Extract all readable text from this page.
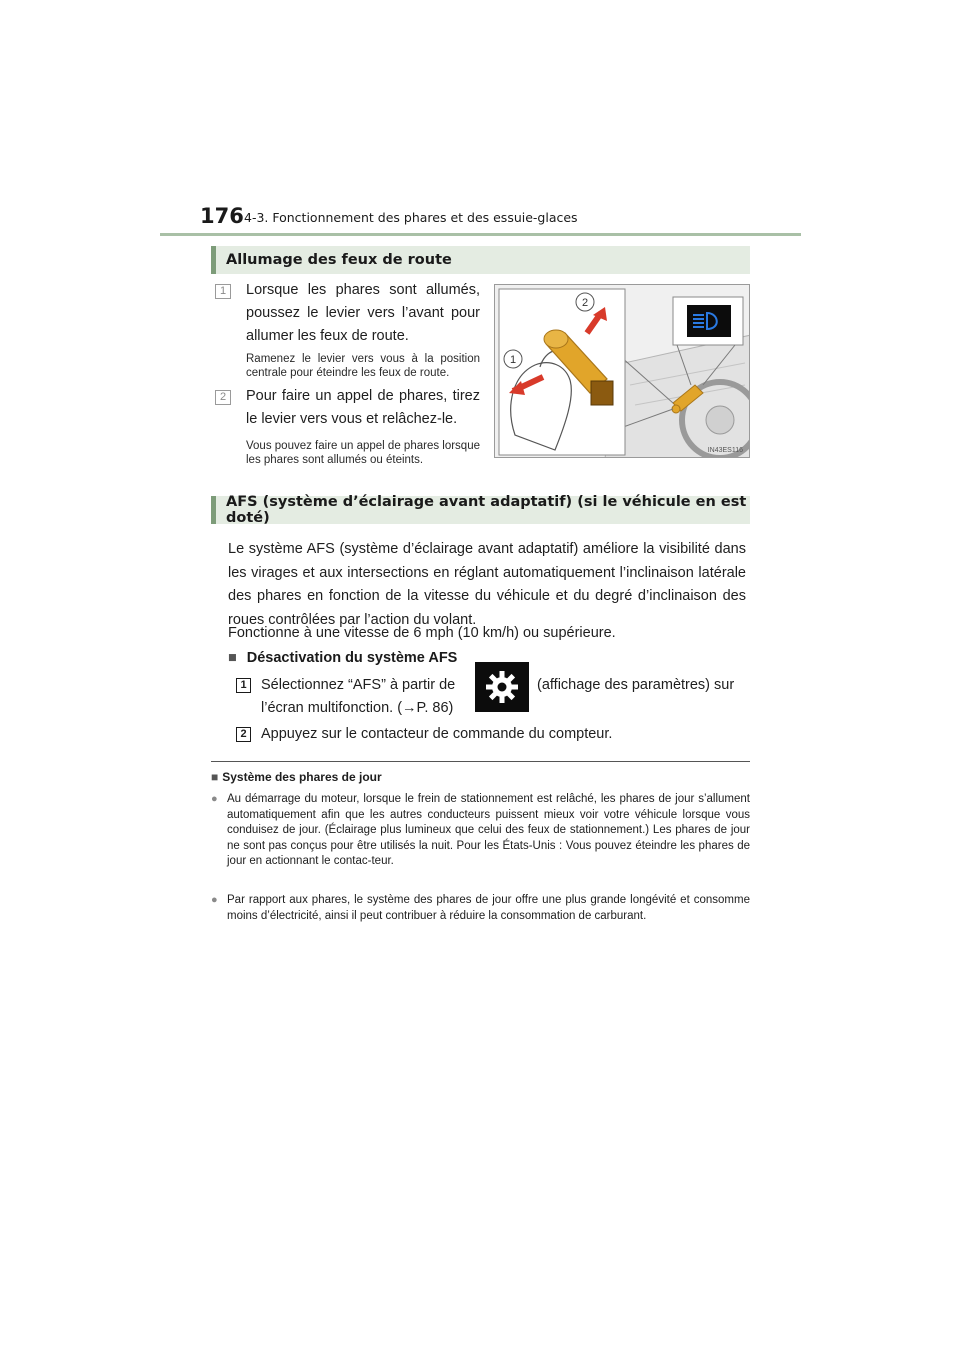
176 4-3. Fonctionnement des phares et des essuie-glaces
Allumage des feux de route
1	Lorsque les phares sont allumés, poussez le levier vers l’avant pour allumer les feux de route.
Ramenez le levier vers vous à la position centrale pour éteindre les feux de route.
2	Pour faire un appel de phares, tirez le levier vers vous et relâchez-le.
Vous pouvez faire un appel de phares lorsque les phares sont allumés ou éteints.
1
2
IN43ES116
AFS (système d’éclairage avant adaptatif) (si le véhicule en est doté)
Le système AFS (système d’éclairage avant adaptatif) améliore la visibilité dans les virages et aux intersections en réglant automatiquement l’inclinaison latérale des phares en fonction de la vitesse du véhicule et du degré d’inclinaison des roues contrôlées par l’action du volant.
Fonctionne à une vitesse de 6 mph (10 km/h) ou supérieure.
■ Désactivation du système AFS
1 Sélectionnez “AFS” à partir de	(affichage des paramètres) sur
l’écran multifonction. (→P. 86)
2 Appuyez sur le contacteur de commande du compteur.
■ Système des phares de jour
● Au démarrage du moteur, lorsque le frein de stationnement est relâché, les phares de jour s’allument automatiquement afin que les autres conducteurs puissent mieux voir votre véhicule lorsque vous conduisez de jour. (Éclairage plus lumineux que celui des feux de stationnement.) Les phares de jour ne sont pas conçus pour être utilisés la nuit. Pour les États-Unis : Vous pouvez éteindre les phares de jour en actionnant le contac-teur.
● Par rapport aux phares, le système des phares de jour offre une plus grande longévité et consomme moins d’électricité, ainsi il peut contribuer à réduire la consommation de carburant.
